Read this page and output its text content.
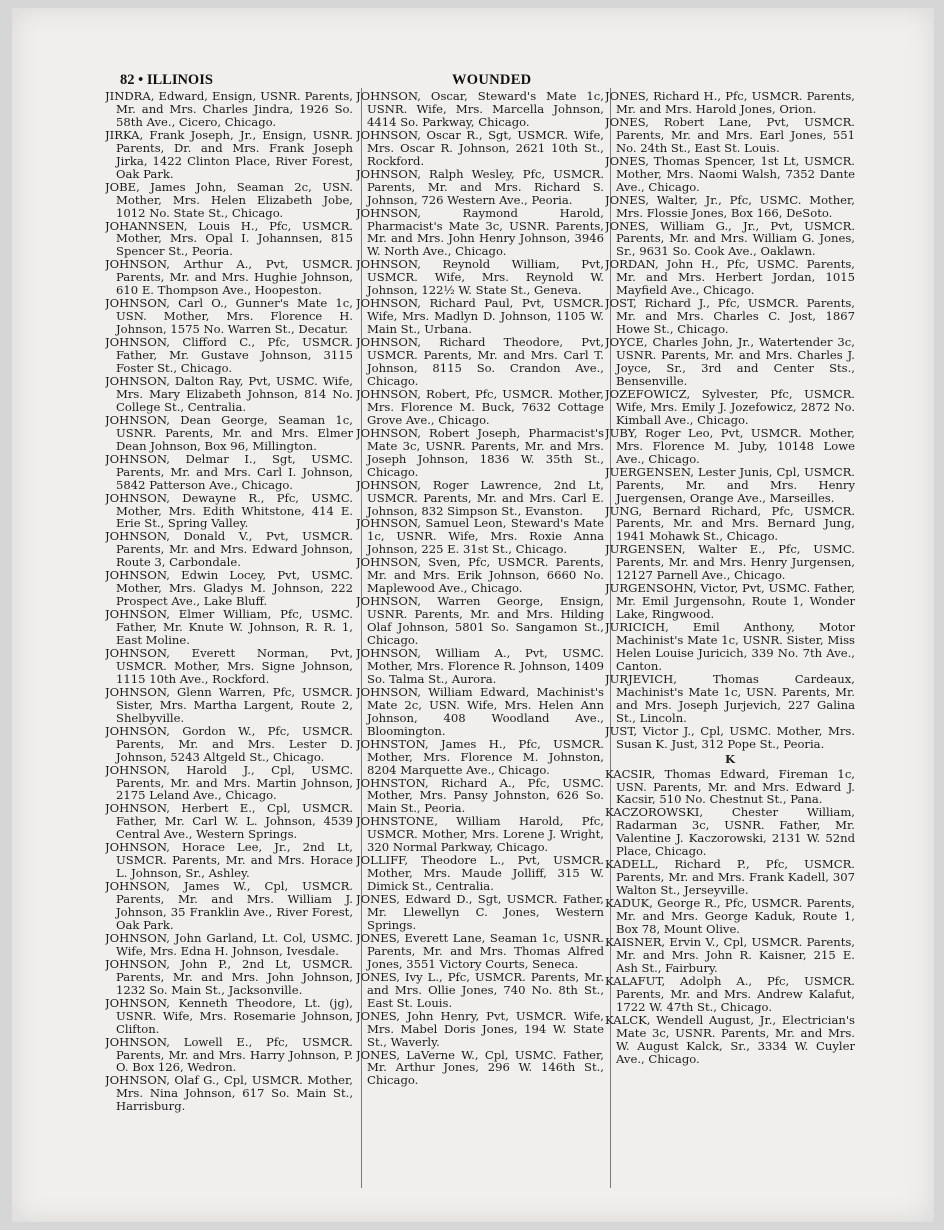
82 • ILLINOIS	WOUNDED

JINDRA, Edward, Ensign, USNR. Parents, Mr. and Mrs. Charles Jindra, 1926 So. 58th Ave., Cicero, Chicago.

JIRKA, Frank Joseph, Jr., Ensign, USNR. Parents, Dr. and Mrs. Frank Joseph Jirka, 1422 Clinton Place, River Forest, Oak Park.

JOBE, James John, Seaman 2c, USN. Mother, Mrs. Helen Elizabeth Jobe, 1012 No. State St., Chicago.

JOHANNSEN, Louis H., Pfc, USMCR. Mother, Mrs. Opal I. Johannsen, 815 Spencer St., Peoria.

JOHNSON, Arthur A., Pvt, USMCR. Parents, Mr. and Mrs. Hughie Johnson, 610 E. Thompson Ave., Hoopeston.

JOHNSON, Carl O., Gunner's Mate 1c, USN. Mother, Mrs. Florence H. Johnson, 1575 No. Warren St., Decatur.

JOHNSON, Clifford C., Pfc, USMCR. Father, Mr. Gustave Johnson, 3115 Foster St., Chicago.

JOHNSON, Dalton Ray, Pvt, USMC. Wife, Mrs. Mary Elizabeth Johnson, 814 No. College St., Centralia.

JOHNSON, Dean George, Seaman 1c, USNR. Parents, Mr. and Mrs. Elmer Dean Johnson, Box 96, Millington.

JOHNSON, Delmar I., Sgt, USMC. Parents, Mr. and Mrs. Carl I. Johnson, 5842 Patterson Ave., Chicago.

JOHNSON, Dewayne R., Pfc, USMC. Mother, Mrs. Edith Whitstone, 414 E. Erie St., Spring Valley.

JOHNSON, Donald V., Pvt, USMCR. Parents, Mr. and Mrs. Edward Johnson, Route 3, Carbondale.

JOHNSON, Edwin Locey, Pvt, USMC. Mother, Mrs. Gladys M. Johnson, 222 Prospect Ave., Lake Bluff.

JOHNSON, Elmer William, Pfc, USMC. Father, Mr. Knute W. Johnson, R. R. 1, East Moline.

JOHNSON, Everett Norman, Pvt, USMCR. Mother, Mrs. Signe Johnson, 1115 10th Ave., Rockford.

JOHNSON, Glenn Warren, Pfc, USMCR. Sister, Mrs. Martha Largent, Route 2, Shelbyville.

JOHNSON, Gordon W., Pfc, USMCR. Parents, Mr. and Mrs. Lester D. Johnson, 5243 Altgeld St., Chicago.

JOHNSON, Harold J., Cpl, USMC. Parents, Mr. and Mrs. Martin Johnson, 2175 Leland Ave., Chicago.

JOHNSON, Herbert E., Cpl, USMCR. Father, Mr. Carl W. L. Johnson, 4539 Central Ave., Western Springs.

JOHNSON, Horace Lee, Jr., 2nd Lt, USMCR. Parents, Mr. and Mrs. Horace L. Johnson, Sr., Ashley.

JOHNSON, James W., Cpl, USMCR. Parents, Mr. and Mrs. William J. Johnson, 35 Franklin Ave., River Forest, Oak Park.

JOHNSON, John Garland, Lt. Col, USMC. Wife, Mrs. Edna H. Johnson, Ivesdale.

JOHNSON, John P., 2nd Lt, USMCR. Parents, Mr. and Mrs. John Johnson, 1232 So. Main St., Jacksonville.

JOHNSON, Kenneth Theodore, Lt. (jg), USNR. Wife, Mrs. Rosemarie Johnson, Clifton.

JOHNSON, Lowell E., Pfc, USMCR. Parents, Mr. and Mrs. Harry Johnson, P. O. Box 126, Wedron.

JOHNSON, Olaf G., Cpl, USMCR. Mother, Mrs. Nina Johnson, 617 So. Main St., Harrisburg.

JOHNSON, Oscar, Steward's Mate 1c, USNR. Wife, Mrs. Marcella Johnson, 4414 So. Parkway, Chicago.

JOHNSON, Oscar R., Sgt, USMCR. Wife, Mrs. Oscar R. Johnson, 2621 10th St., Rockford.

JOHNSON, Ralph Wesley, Pfc, USMCR. Parents, Mr. and Mrs. Richard S. Johnson, 726 Western Ave., Peoria.

JOHNSON, Raymond Harold, Pharmacist's Mate 3c, USNR. Parents, Mr. and Mrs. John Henry Johnson, 3946 W. North Ave., Chicago.

JOHNSON, Reynold William, Pvt, USMCR. Wife, Mrs. Reynold W. Johnson, 122½ W. State St., Geneva.

JOHNSON, Richard Paul, Pvt, USMCR. Wife, Mrs. Madlyn D. Johnson, 1105 W. Main St., Urbana.

JOHNSON, Richard Theodore, Pvt, USMCR. Parents, Mr. and Mrs. Carl T. Johnson, 8115 So. Crandon Ave., Chicago.

JOHNSON, Robert, Pfc, USMCR. Mother, Mrs. Florence M. Buck, 7632 Cottage Grove Ave., Chicago.

JOHNSON, Robert Joseph, Pharmacist's Mate 3c, USNR. Parents, Mr. and Mrs. Joseph Johnson, 1836 W. 35th St., Chicago.

JOHNSON, Roger Lawrence, 2nd Lt, USMCR. Parents, Mr. and Mrs. Carl E. Johnson, 832 Simpson St., Evanston.

JOHNSON, Samuel Leon, Steward's Mate 1c, USNR. Wife, Mrs. Roxie Anna Johnson, 225 E. 31st St., Chicago.

JOHNSON, Sven, Pfc, USMCR. Parents, Mr. and Mrs. Erik Johnson, 6660 No. Maplewood Ave., Chicago.

JOHNSON, Warren George, Ensign, USNR. Parents, Mr. and Mrs. Hilding Olaf Johnson, 5801 So. Sangamon St., Chicago.

JOHNSON, William A., Pvt, USMC. Mother, Mrs. Florence R. Johnson, 1409 So. Talma St., Aurora.

JOHNSON, William Edward, Machinist's Mate 2c, USN. Wife, Mrs. Helen Ann Johnson, 408 Woodland Ave., Bloomington.

JOHNSTON, James H., Pfc, USMCR. Mother, Mrs. Florence M. Johnston, 8204 Marquette Ave., Chicago.

JOHNSTON, Richard A., Pfc, USMC. Mother, Mrs. Pansy Johnston, 626 So. Main St., Peoria.

JOHNSTONE, William Harold, Pfc, USMCR. Mother, Mrs. Lorene J. Wright, 320 Normal Parkway, Chicago.

JOLLIFF, Theodore L., Pvt, USMCR. Mother, Mrs. Maude Jolliff, 315 W. Dimick St., Centralia.

JONES, Edward D., Sgt, USMCR. Father, Mr. Llewellyn C. Jones, Western Springs.

JONES, Everett Lane, Seaman 1c, USNR. Parents, Mr. and Mrs. Thomas Alfred Jones, 3551 Victory Courts, Seneca.

JONES, Ivy L., Pfc, USMCR. Parents, Mr. and Mrs. Ollie Jones, 740 No. 8th St., East St. Louis.

JONES, John Henry, Pvt, USMCR. Wife, Mrs. Mabel Doris Jones, 194 W. State St., Waverly.

JONES, LaVerne W., Cpl, USMC. Father, Mr. Arthur Jones, 296 W. 146th St., Chicago.

JONES, Richard H., Pfc, USMCR. Parents, Mr. and Mrs. Harold Jones, Orion.

JONES, Robert Lane, Pvt, USMCR. Parents, Mr. and Mrs. Earl Jones, 551 No. 24th St., East St. Louis.

JONES, Thomas Spencer, 1st Lt, USMCR. Mother, Mrs. Naomi Walsh, 7352 Dante Ave., Chicago.

JONES, Walter, Jr., Pfc, USMC. Mother, Mrs. Flossie Jones, Box 166, DeSoto.

JONES, William G., Jr., Pvt, USMCR. Parents, Mr. and Mrs. William G. Jones, Sr., 9631 So. Cook Ave., Oaklawn.

JORDAN, John H., Pfc, USMC. Parents, Mr. and Mrs. Herbert Jordan, 1015 Mayfield Ave., Chicago.

JOST, Richard J., Pfc, USMCR. Parents, Mr. and Mrs. Charles C. Jost, 1867 Howe St., Chicago.

JOYCE, Charles John, Jr., Watertender 3c, USNR. Parents, Mr. and Mrs. Charles J. Joyce, Sr., 3rd and Center Sts., Bensenville.

JOZEFOWICZ, Sylvester, Pfc, USMCR. Wife, Mrs. Emily J. Jozefowicz, 2872 No. Kimball Ave., Chicago.

JUBY, Roger Leo, Pvt, USMCR. Mother, Mrs. Florence M. Juby, 10148 Lowe Ave., Chicago.

JUERGENSEN, Lester Junis, Cpl, USMCR. Parents, Mr. and Mrs. Henry Juergensen, Orange Ave., Marseilles.

JUNG, Bernard Richard, Pfc, USMCR. Parents, Mr. and Mrs. Bernard Jung, 1941 Mohawk St., Chicago.

JURGENSEN, Walter E., Pfc, USMC. Parents, Mr. and Mrs. Henry Jurgensen, 12127 Parnell Ave., Chicago.

JURGENSOHN, Victor, Pvt, USMC. Father, Mr. Emil Jurgensohn, Route 1, Wonder Lake, Ringwood.

JURICICH, Emil Anthony, Motor Machinist's Mate 1c, USNR. Sister, Miss Helen Louise Juricich, 339 No. 7th Ave., Canton.

JURJEVICH, Thomas Cardeaux, Machinist's Mate 1c, USN. Parents, Mr. and Mrs. Joseph Jurjevich, 227 Galina St., Lincoln.

JUST, Victor J., Cpl, USMC. Mother, Mrs. Susan K. Just, 312 Pope St., Peoria.

K

KACSIR, Thomas Edward, Fireman 1c, USN. Parents, Mr. and Mrs. Edward J. Kacsir, 510 No. Chestnut St., Pana.

KACZOROWSKI, Chester William, Radarman 3c, USNR. Father, Mr. Valentine J. Kaczorowski, 2131 W. 52nd Place, Chicago.

KADELL, Richard P., Pfc, USMCR. Parents, Mr. and Mrs. Frank Kadell, 307 Walton St., Jerseyville.

KADUK, George R., Pfc, USMCR. Parents, Mr. and Mrs. George Kaduk, Route 1, Box 78, Mount Olive.

KAISNER, Ervin V., Cpl, USMCR. Parents, Mr. and Mrs. John R. Kaisner, 215 E. Ash St., Fairbury.

KALAFUT, Adolph A., Pfc, USMCR. Parents, Mr. and Mrs. Andrew Kalafut, 1722 W. 47th St., Chicago.

KALCK, Wendell August, Jr., Electrician's Mate 3c, USNR. Parents, Mr. and Mrs. W. August Kalck, Sr., 3334 W. Cuyler Ave., Chicago.
